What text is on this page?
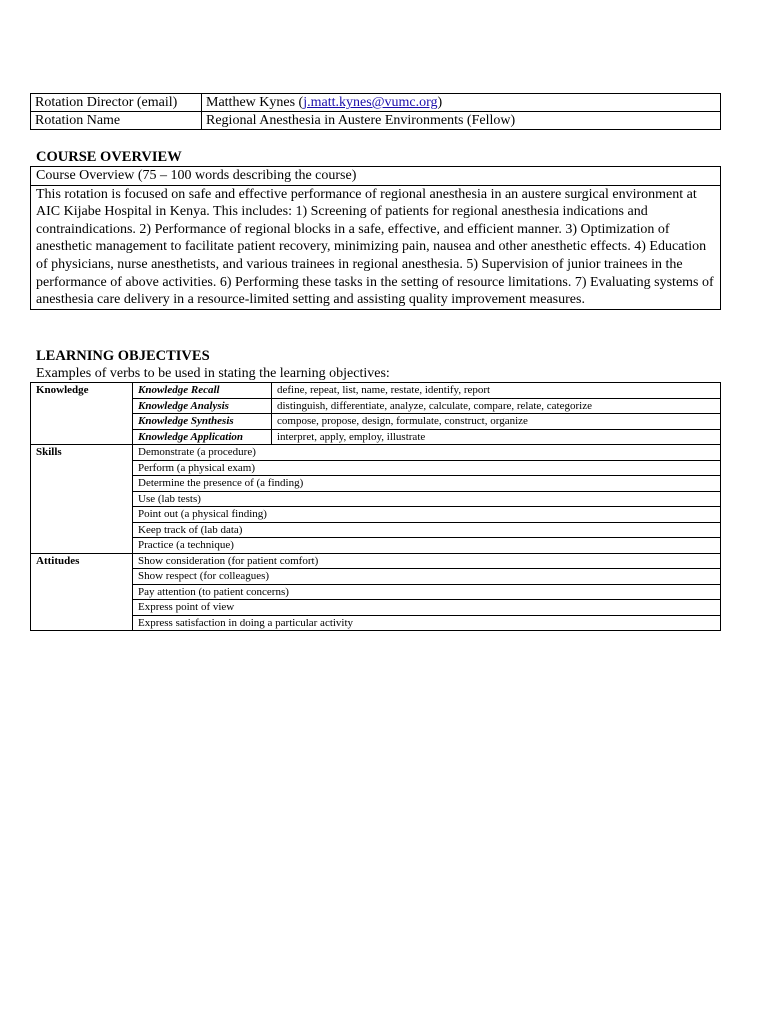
Rotation Director (email)	Matthew Kynes (j.matt.kynes@vumc.org)
Rotation Name	Regional Anesthesia in Austere Environments (Fellow)
COURSE OVERVIEW
Course Overview (75 – 100 words describing the course)
This rotation is focused on safe and effective performance of regional anesthesia in an austere surgical environment at AIC Kijabe Hospital in Kenya. This includes: 1) Screening of patients for regional anesthesia indications and contraindications. 2) Performance of regional blocks in a safe, effective, and efficient manner. 3) Optimization of anesthetic management to facilitate patient recovery, minimizing pain, nausea and other anesthetic effects. 4) Education of physicians, nurse anesthetists, and various trainees in regional anesthesia. 5) Supervision of junior trainees in the performance of above activities. 6) Performing these tasks in the setting of resource limitations. 7) Evaluating systems of anesthesia care delivery in a resource-limited setting and assisting quality improvement measures.
LEARNING OBJECTIVES
Examples of verbs to be used in stating the learning objectives:
Knowledge	Knowledge Recall	define, repeat, list, name, restate, identify, report
	Knowledge Analysis	distinguish, differentiate, analyze, calculate, compare, relate, categorize
	Knowledge Synthesis	compose, propose, design, formulate, construct, organize
	Knowledge Application	interpret, apply, employ, illustrate
Skills	Demonstrate (a procedure)	
	Perform (a physical exam)	
	Determine the presence of (a finding)	
	Use (lab tests)	
	Point out (a physical finding)	
	Keep track of (lab data)	
	Practice (a technique)	
Attitudes	Show consideration (for patient comfort)	
	Show respect (for colleagues)	
	Pay attention (to patient concerns)	
	Express point of view	
	Express satisfaction in doing a particular activity	
